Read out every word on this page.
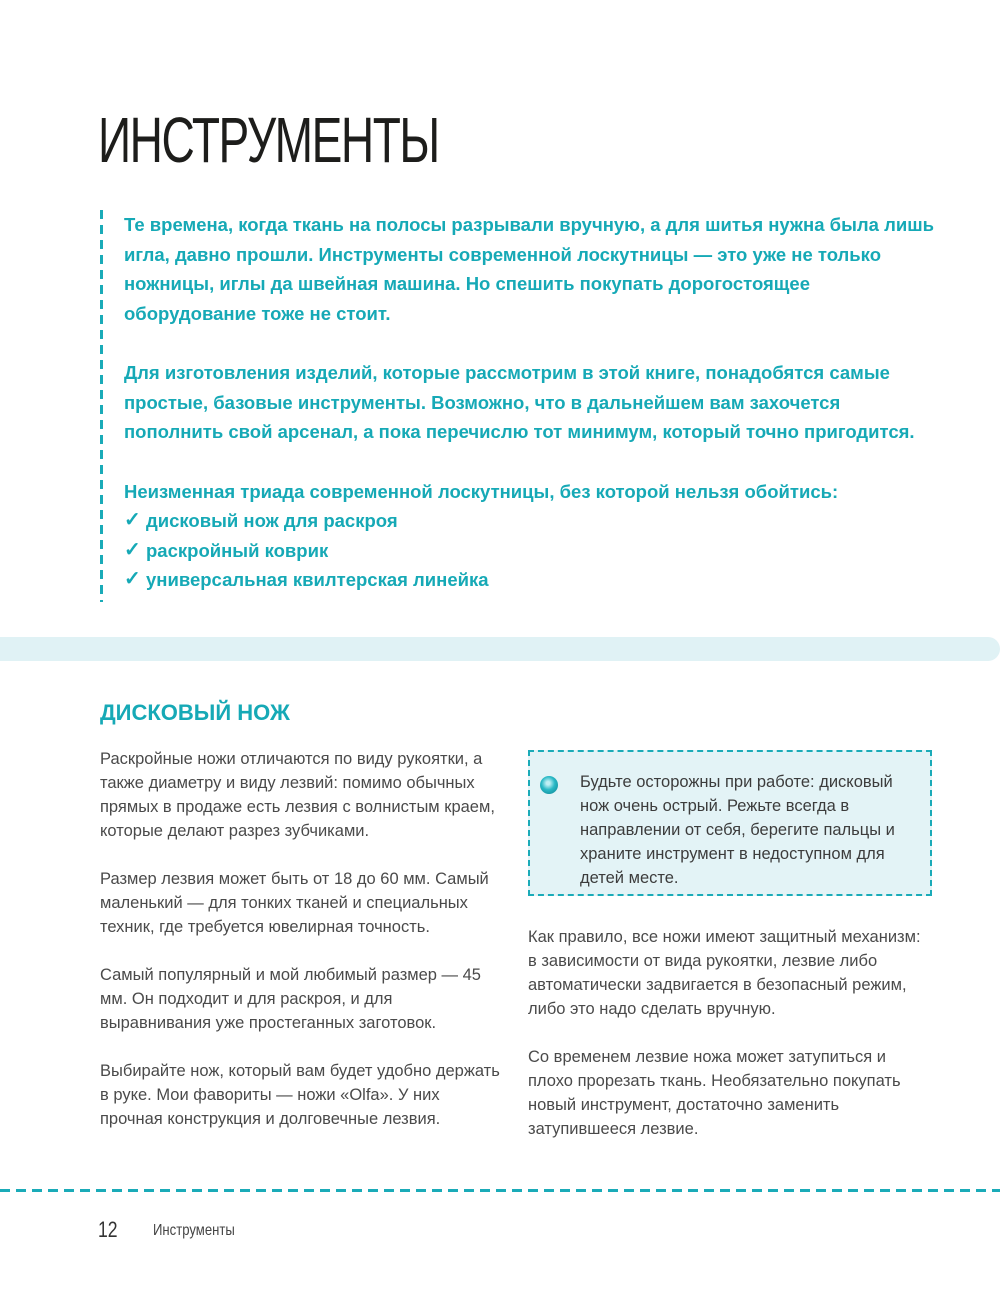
ИНСТРУМЕНТЫ

Те времена, когда ткань на полосы разрывали вручную, а для шитья нужна была лишь игла, давно прошли. Инструменты современной лоскутницы — это уже не только ножницы, иглы да швейная машина. Но спешить покупать дорогостоящее оборудование тоже не стоит.

Для изготовления изделий, которые рассмотрим в этой книге, понадобятся самые простые, базовые инструменты. Возможно, что в дальнейшем вам захочется пополнить свой арсенал, а пока перечислю тот минимум, который точно пригодится.

Неизменная триада современной лоскутницы, без которой нельзя обойтись:
✓ дисковый нож для раскроя
✓ раскройный коврик
✓ универсальная квилтерская линейка
ДИСКОВЫЙ НОЖ

Раскройные ножи отличаются по виду рукоятки, а также диаметру и виду лезвий: помимо обычных прямых в продаже есть лезвия с волнистым краем, которые делают разрез зубчиками.

Размер лезвия может быть от 18 до 60 мм. Самый маленький — для тонких тканей и специальных техник, где требуется ювелирная точность.

Самый популярный и мой любимый размер — 45 мм. Он подходит и для раскроя, и для выравнивания уже простеганных заготовок.

Выбирайте нож, который вам будет удобно держать в руке. Мои фавориты — ножи «Olfa». У них прочная конструкция и долговечные лезвия.

Будьте осторожны при работе: дисковый нож очень острый. Режьте всегда в направлении от себя, берегите пальцы и храните инструмент в недоступном для детей месте.

Как правило, все ножи имеют защитный механизм: в зависимости от вида рукоятки, лезвие либо автоматически задвигается в безопасный режим, либо это надо сделать вручную.

Со временем лезвие ножа может затупиться и плохо прорезать ткань. Необязательно покупать новый инструмент, достаточно заменить затупившееся лезвие.

12 Инструменты
